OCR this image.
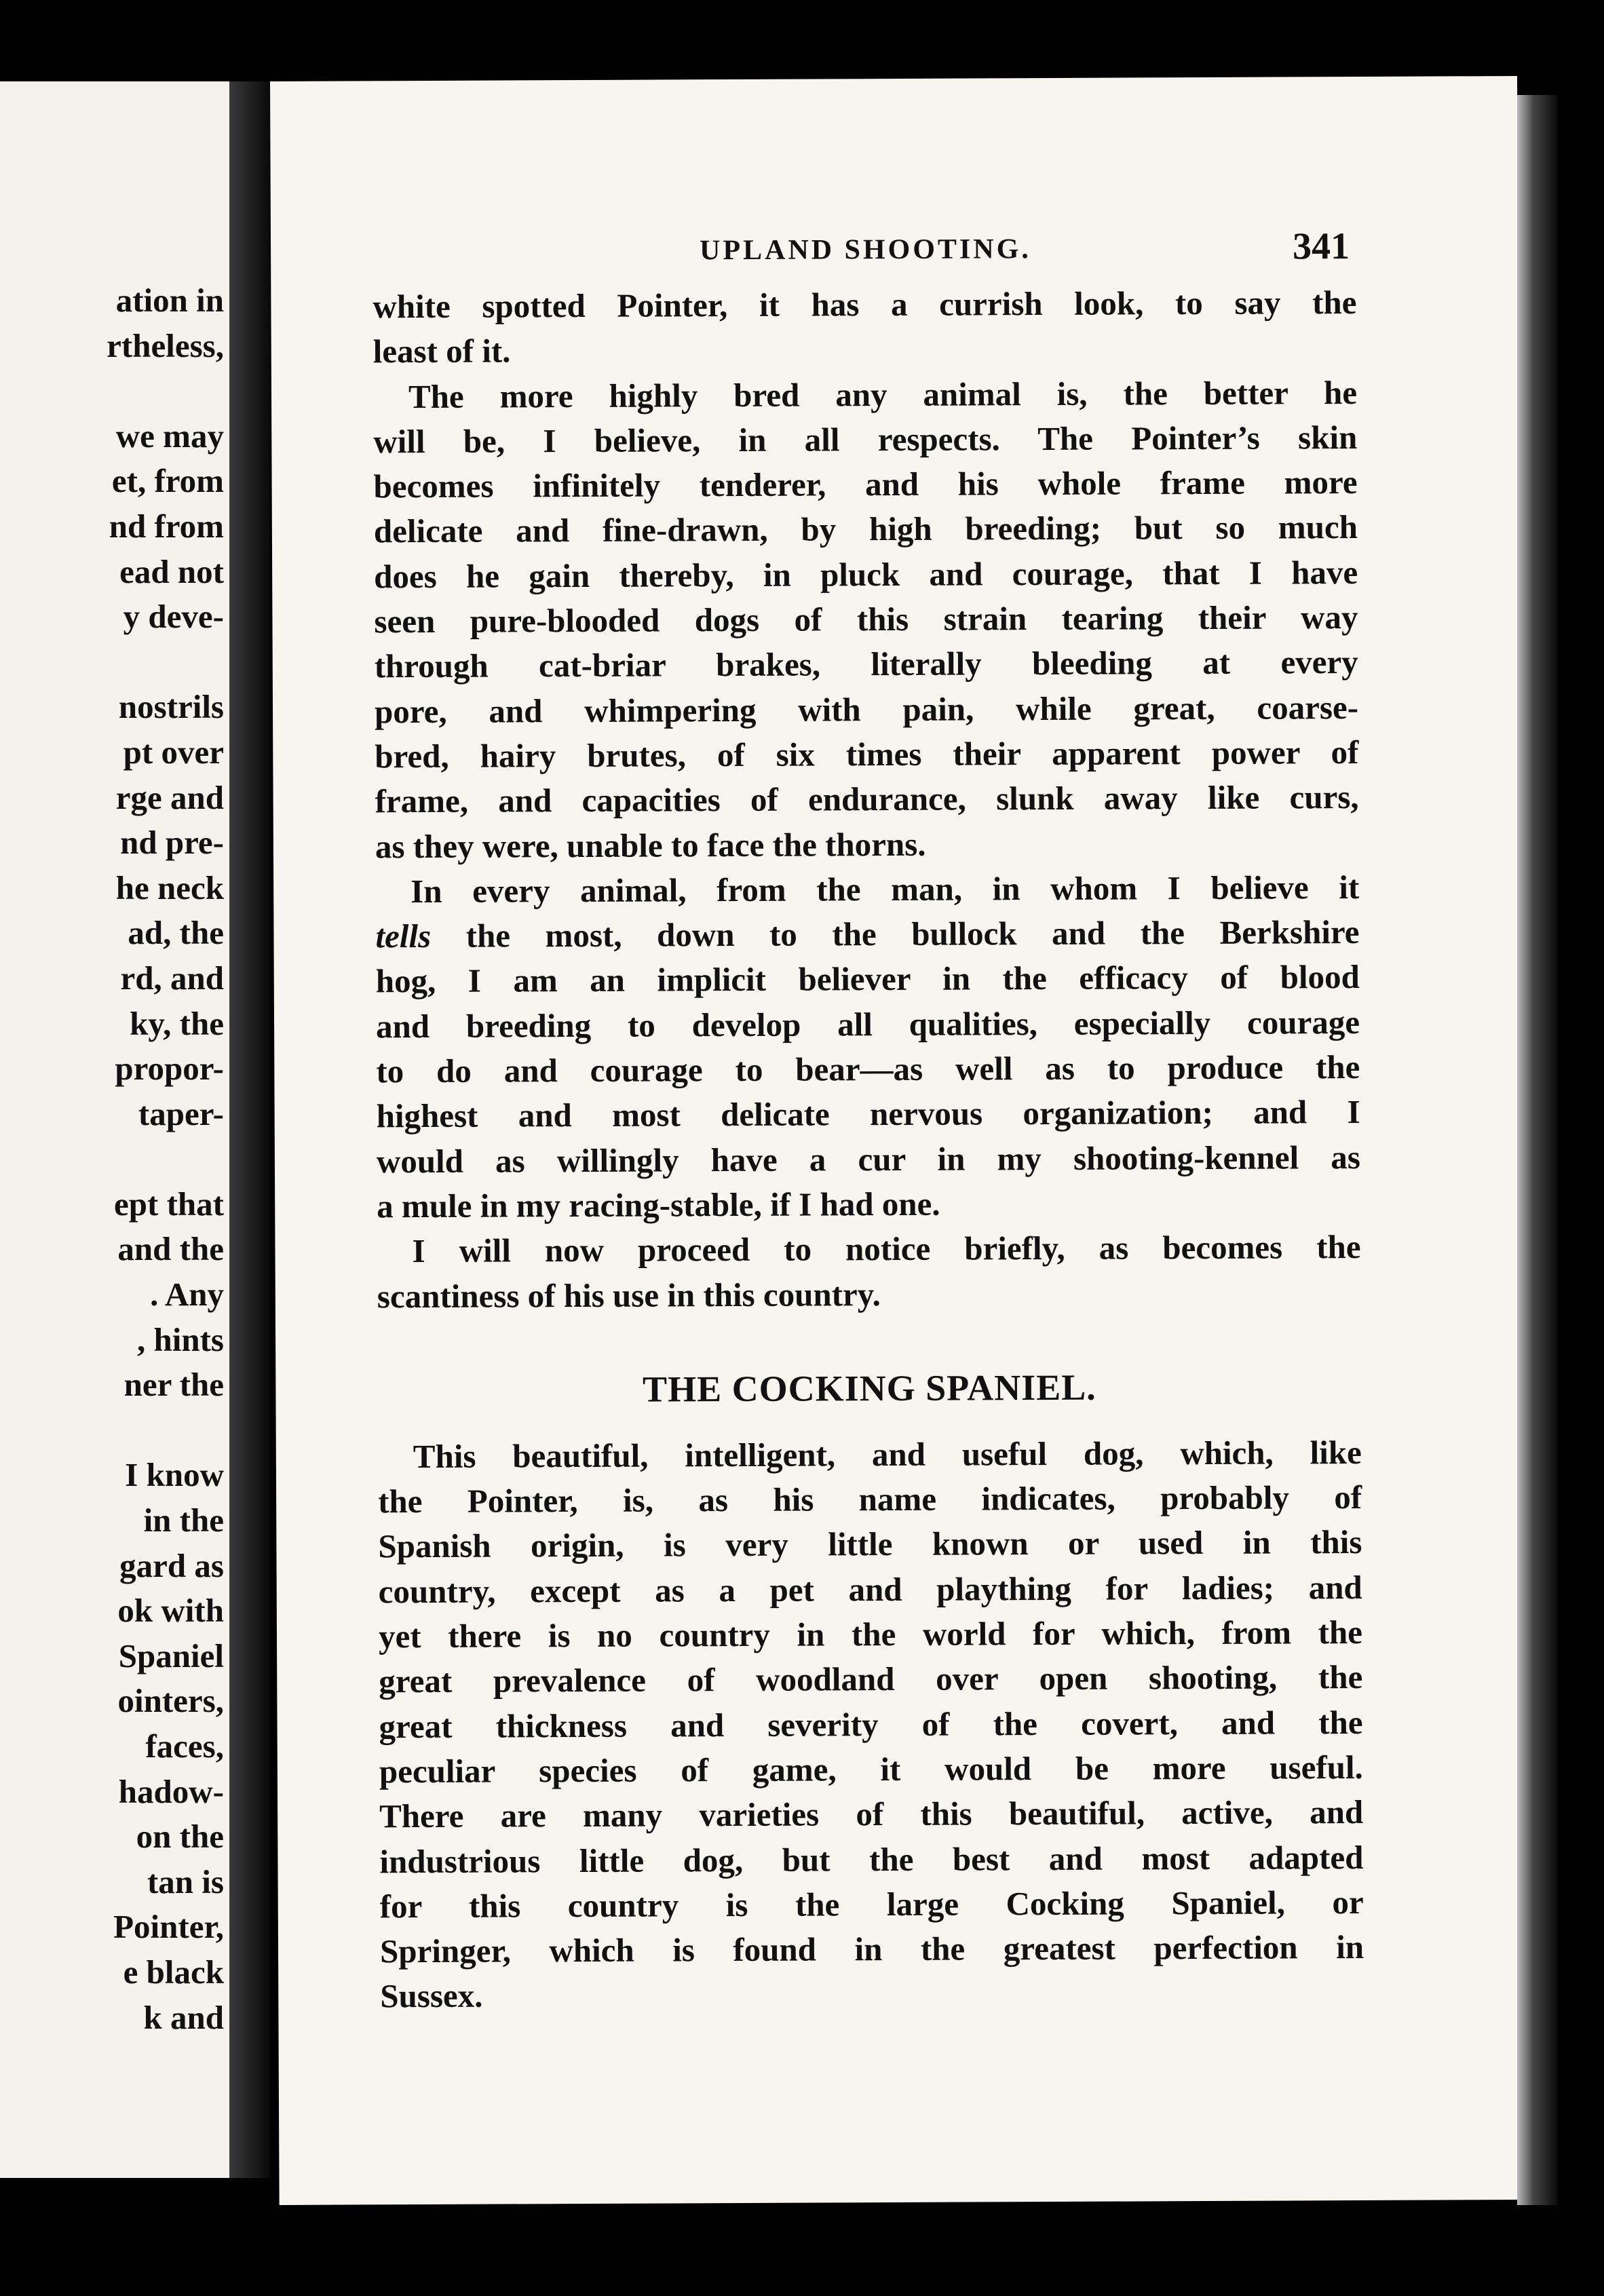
ation in
rtheless,
we may
et, from
nd from
ead not
y deve-
nostrils
pt over
rge and
nd pre-
he neck
ad, the
rd, and
ky, the
propor-
taper-
ept that
and the
. Any
, hints
ner the
I know
in the
gard as
ok with
Spaniel
ointers,
faces,
hadow-
on the
tan is
Pointer,
e black
k and
UPLAND SHOOTING.	341
white spotted Pointer, it has a currish look, to say the
least of it.
The more highly bred any animal is, the better he
will be, I believe, in all respects. The Pointer’s skin
becomes infinitely tenderer, and his whole frame more
delicate and fine-drawn, by high breeding; but so much
does he gain thereby, in pluck and courage, that I have
seen pure-blooded dogs of this strain tearing their way
through cat-briar brakes, literally bleeding at every
pore, and whimpering with pain, while great, coarse-
bred, hairy brutes, of six times their apparent power of
frame, and capacities of endurance, slunk away like curs,
as they were, unable to face the thorns.
In every animal, from the man, in whom I believe it
tells the most, down to the bullock and the Berkshire
hog, I am an implicit believer in the efficacy of blood
and breeding to develop all qualities, especially courage
to do and courage to bear—as well as to produce the
highest and most delicate nervous organization; and I
would as willingly have a cur in my shooting-kennel as
a mule in my racing-stable, if I had one.
I will now proceed to notice briefly, as becomes the
scantiness of his use in this country.
THE COCKING SPANIEL.
This beautiful, intelligent, and useful dog, which, like
the Pointer, is, as his name indicates, probably of
Spanish origin, is very little known or used in this
country, except as a pet and plaything for ladies; and
yet there is no country in the world for which, from the
great prevalence of woodland over open shooting, the
great thickness and severity of the covert, and the
peculiar species of game, it would be more useful.
There are many varieties of this beautiful, active, and
industrious little dog, but the best and most adapted
for this country is the large Cocking Spaniel, or
Springer, which is found in the greatest perfection in
Sussex.
